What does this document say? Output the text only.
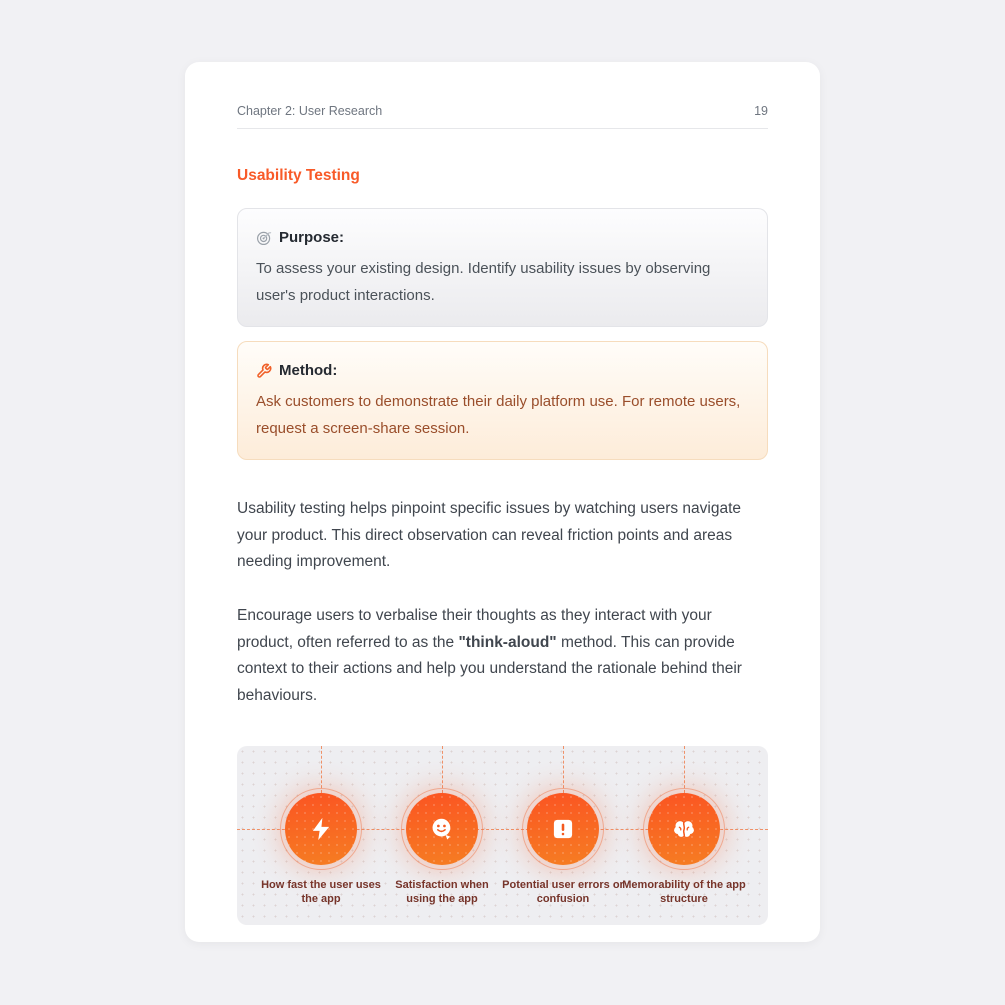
Chapter 2: User Research	19
Usability Testing
Purpose:
To assess your existing design. Identify usability issues by observing user's product interactions.
Method:
Ask customers to demonstrate their daily platform use. For remote users, request a screen-share session.

Usability testing helps pinpoint specific issues by watching users navigate your product. This direct observation can reveal friction points and areas needing improvement.

Encourage users to verbalise their thoughts as they interact with your product, often referred to as the "think-aloud" method. This can provide context to their actions and help you understand the rationale behind their behaviours.

How fast the user uses the app
Satisfaction when using the app
Potential user errors or confusion
Memorability of the app structure
